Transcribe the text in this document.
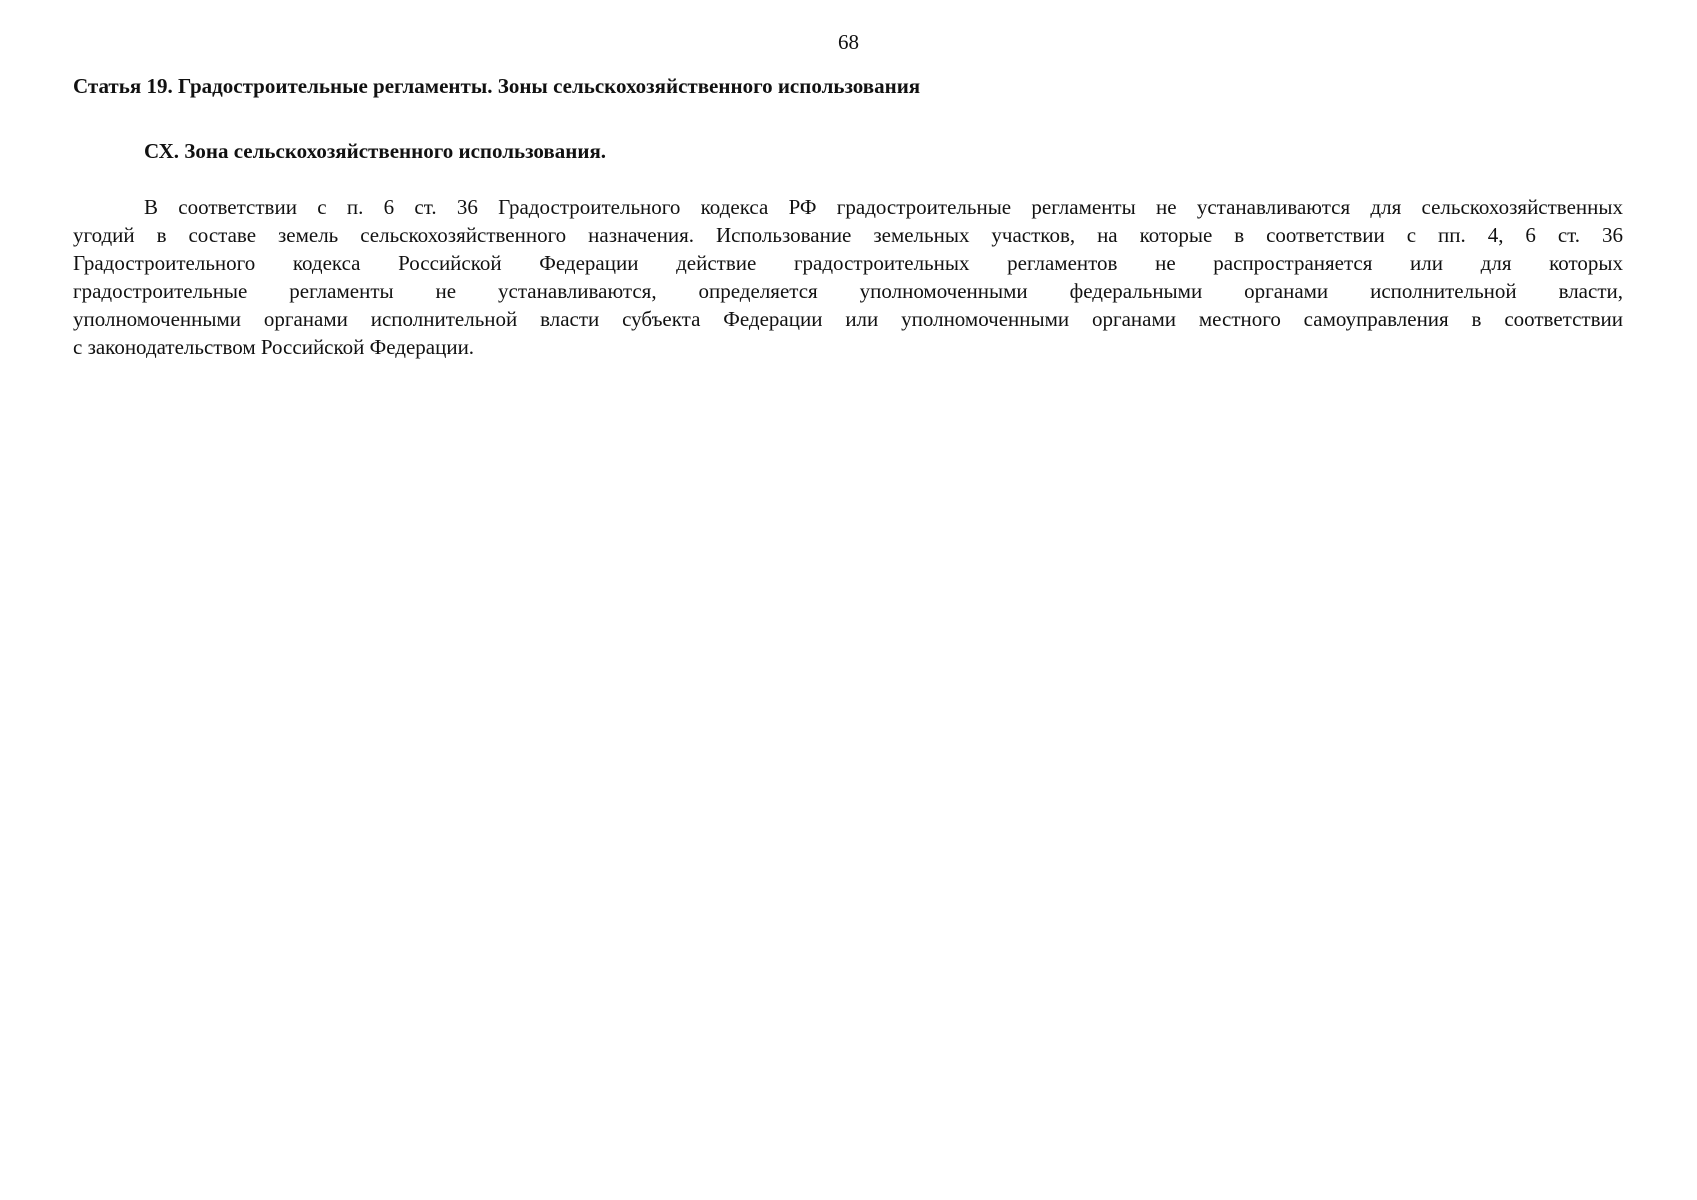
68
Статья 19. Градостроительные регламенты. Зоны сельскохозяйственного использования
СХ. Зона сельскохозяйственного использования.
В соответствии с п. 6 ст. 36 Градостроительного кодекса РФ градостроительные регламенты не устанавливаются для сельскохозяйственных
угодий в составе земель сельскохозяйственного назначения. Использование земельных участков, на которые в соответствии с пп. 4, 6 ст. 36
Градостроительного кодекса Российской Федерации действие градостроительных регламентов не распространяется или для которых
градостроительные регламенты не устанавливаются, определяется уполномоченными федеральными органами исполнительной власти,
уполномоченными органами исполнительной власти субъекта Федерации или уполномоченными органами местного самоуправления в соответствии
с законодательством Российской Федерации.
